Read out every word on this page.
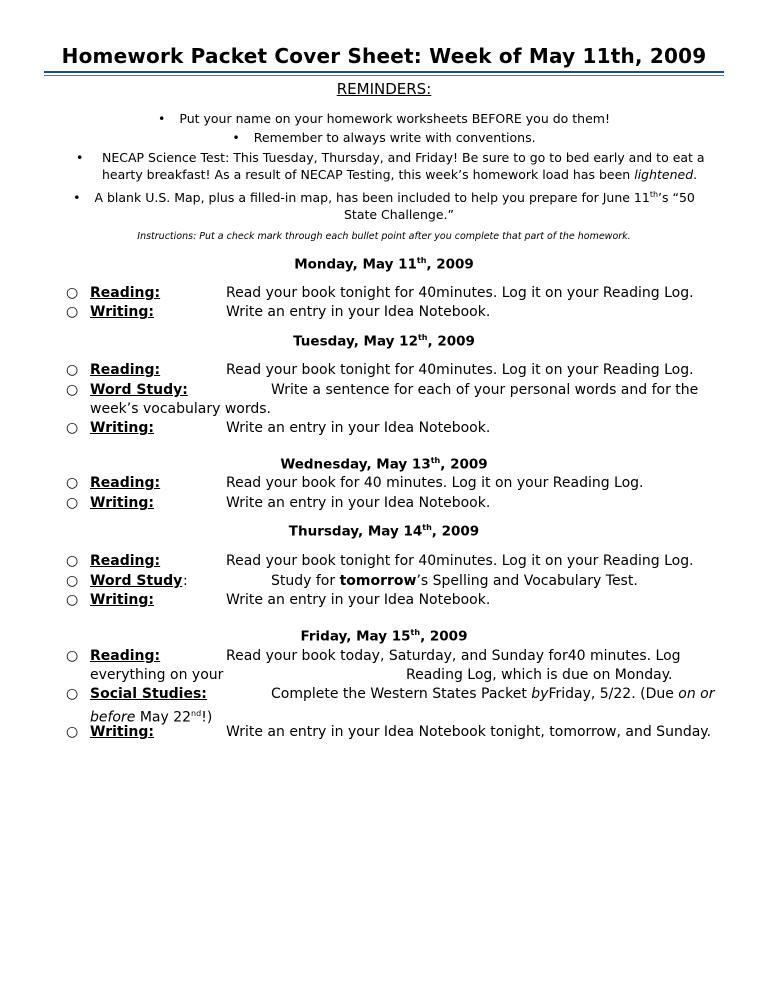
Homework Packet Cover Sheet: Week of May 11th, 2009
REMINDERS:
• Put your name on your homework worksheets BEFORE you do them!
• Remember to always write with conventions.
• NECAP Science Test: This Tuesday, Thursday, and Friday! Be sure to go to bed early and to eat a
hearty breakfast! As a result of NECAP Testing, this week’s homework load has been lightened.
• A blank U.S. Map, plus a filled-in map, has been included to help you prepare for June 11th’s “50
State Challenge.”
Instructions: Put a check mark through each bullet point after you complete that part of the homework.
Monday, May 11th, 2009
○ Reading:	Read your book tonight for 40minutes. Log it on your Reading Log.
○ Writing:	Write an entry in your Idea Notebook.
Tuesday, May 12th, 2009
○ Reading:	Read your book tonight for 40minutes. Log it on your Reading Log.
○ Word Study:	Write a sentence for each of your personal words and for the
week’s vocabulary words.
○ Writing:	Write an entry in your Idea Notebook.
Wednesday, May 13th, 2009
○ Reading:	Read your book for 40 minutes. Log it on your Reading Log.
○ Writing:	Write an entry in your Idea Notebook.
Thursday, May 14th, 2009
○ Reading:	Read your book tonight for 40minutes. Log it on your Reading Log.
○ Word Study :	Study for tomorrow’s Spelling and Vocabulary Test.
○ Writing:	Write an entry in your Idea Notebook.
Friday, May 15th, 2009
○ Reading:	Read your book today, Saturday, and Sunday for40 minutes. Log
everything on your	Reading Log, which is due on Monday.
○ Social Studies:	Complete the Western States Packet byFriday, 5/22. (Due on or
before May 22nd!)
○ Writing:	Write an entry in your Idea Notebook tonight, tomorrow, and Sunday.
